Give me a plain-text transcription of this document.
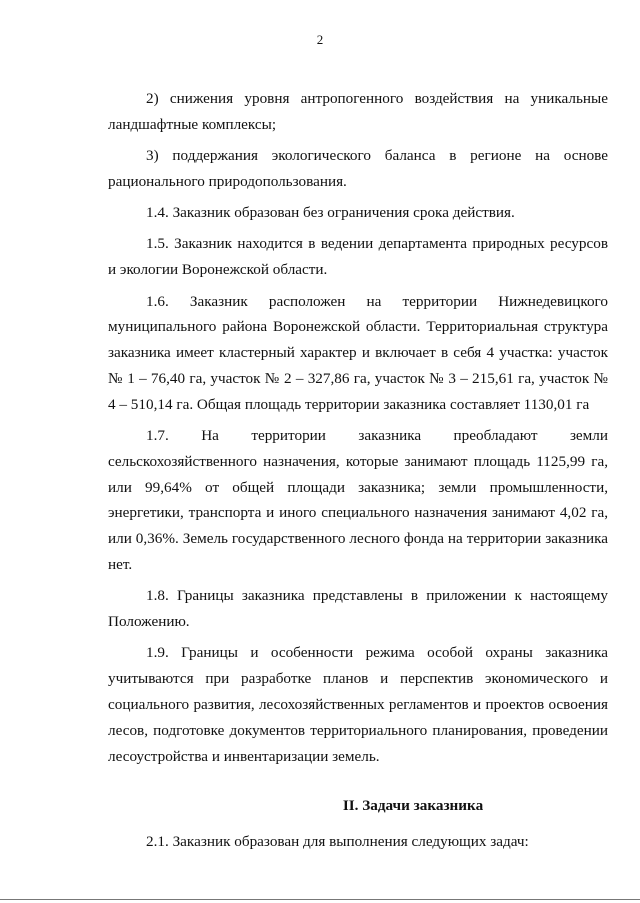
2

2) снижения уровня антропогенного воздействия на уникальные ландшафтные комплексы;

3) поддержания экологического баланса в регионе на основе рационального природопользования.

1.4. Заказник образован без ограничения срока действия.

1.5. Заказник находится в ведении департамента природных ресурсов и экологии Воронежской области.

1.6. Заказник расположен на территории Нижнедевицкого муниципального района Воронежской области. Территориальная структура заказника имеет кластерный характер и включает в себя 4 участка: участок № 1 – 76,40 га, участок № 2 – 327,86 га, участок № 3 – 215,61 га, участок № 4 – 510,14 га. Общая площадь территории заказника составляет 1130,01 га

1.7. На территории заказника преобладают земли сельскохозяйственного назначения, которые занимают площадь 1125,99 га, или 99,64% от общей площади заказника; земли промышленности, энергетики, транспорта и иного специального назначения занимают 4,02 га, или 0,36%. Земель государственного лесного фонда на территории заказника нет.

1.8. Границы заказника представлены в приложении к настоящему Положению.

1.9. Границы и особенности режима особой охраны заказника учитываются при разработке планов и перспектив экономического и социального развития, лесохозяйственных регламентов и проектов освоения лесов, подготовке документов территориального планирования, проведении лесоустройства и инвентаризации земель.

II. Задачи заказника

2.1. Заказник образован для выполнения следующих задач:
